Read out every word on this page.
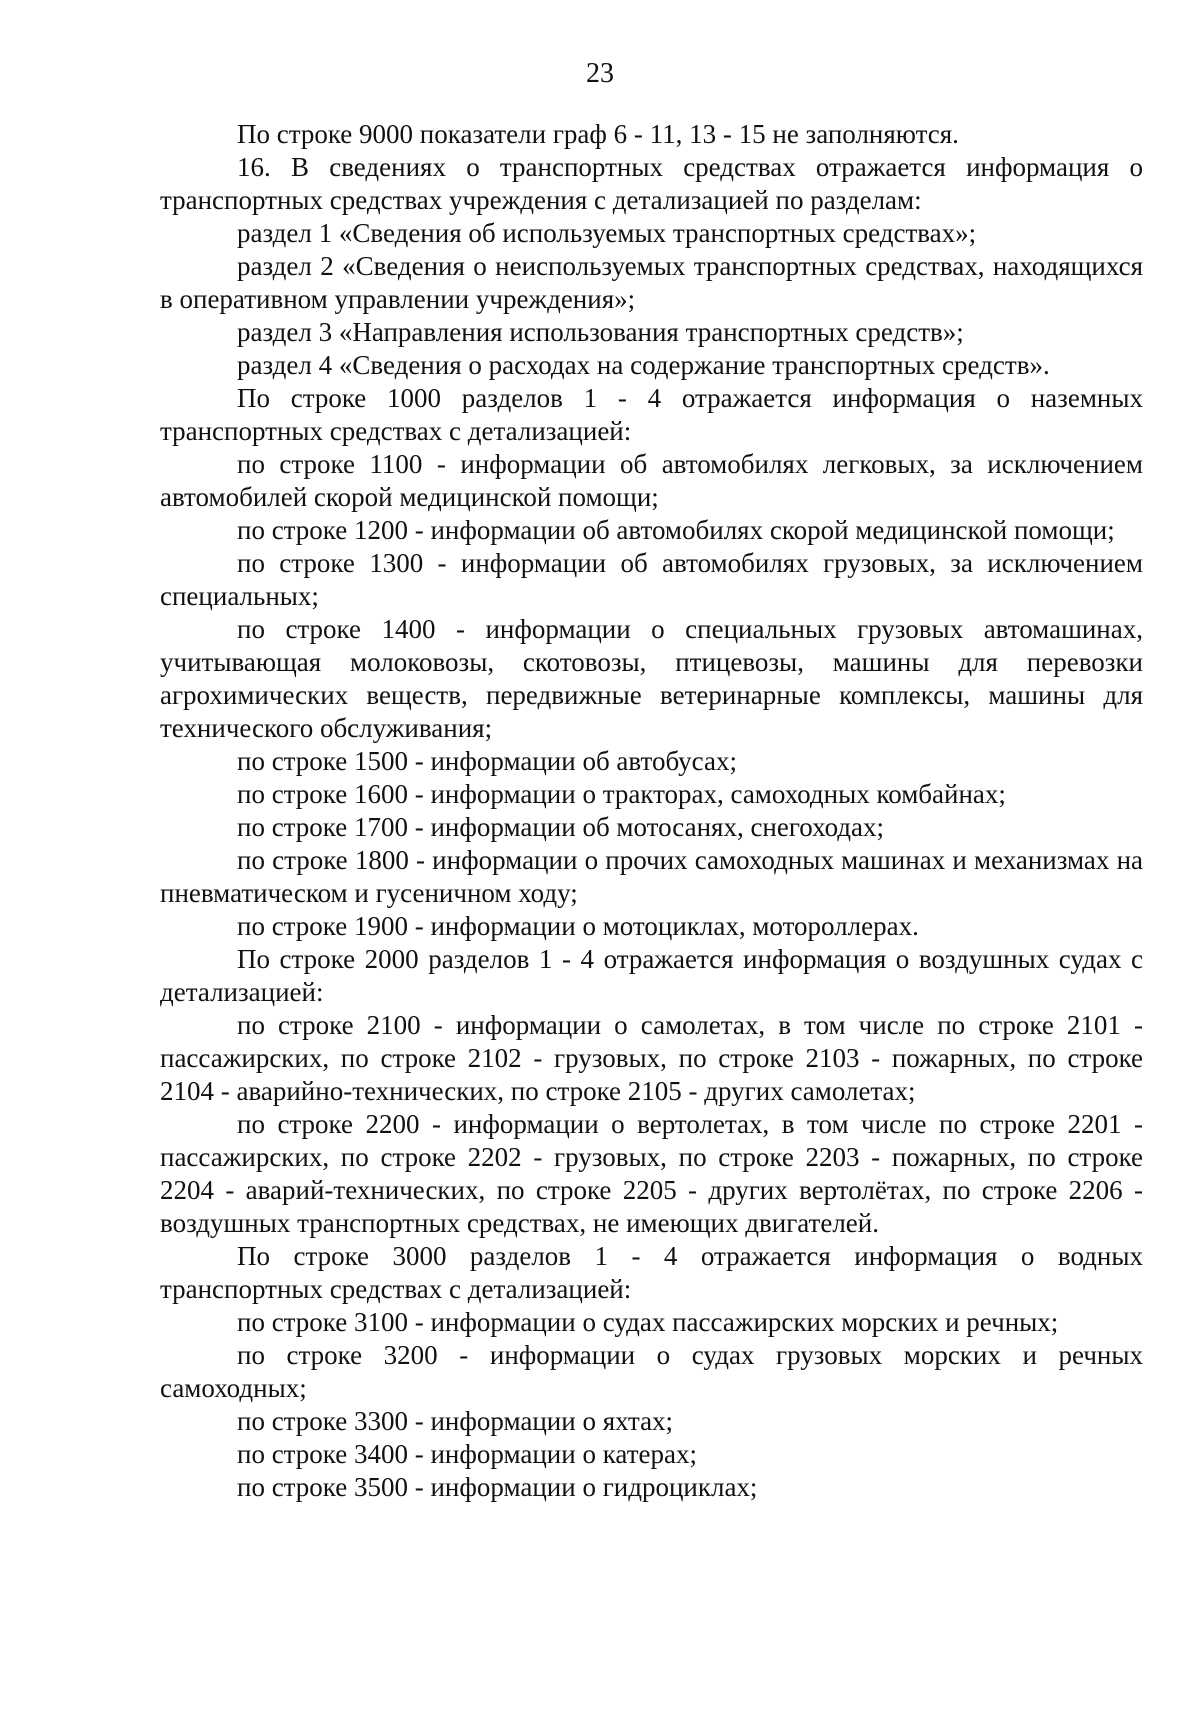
23

По строке 9000 показатели граф 6 - 11, 13 - 15 не заполняются.

16. В сведениях о транспортных средствах отражается информация о транспортных средствах учреждения с детализацией по разделам:

раздел 1 «Сведения об используемых транспортных средствах»;

раздел 2 «Сведения о неиспользуемых транспортных средствах, находящихся в оперативном управлении учреждения»;

раздел 3 «Направления использования транспортных средств»;

раздел 4 «Сведения о расходах на содержание транспортных средств».

По строке 1000 разделов 1 - 4 отражается информация о наземных транспортных средствах с детализацией:

по строке 1100 - информации об автомобилях легковых, за исключением автомобилей скорой медицинской помощи;

по строке 1200 - информации об автомобилях скорой медицинской помощи;

по строке 1300 - информации об автомобилях грузовых, за исключением специальных;

по строке 1400 - информации о специальных грузовых автомашинах, учитывающая молоковозы, скотовозы, птицевозы, машины для перевозки агрохимических веществ, передвижные ветеринарные комплексы, машины для технического обслуживания;

по строке 1500 - информации об автобусах;

по строке 1600 - информации о тракторах, самоходных комбайнах;

по строке 1700 - информации об мотосанях, снегоходах;

по строке 1800 - информации о прочих самоходных машинах и механизмах на пневматическом и гусеничном ходу;

по строке 1900 - информации о мотоциклах, мотороллерах.

По строке 2000 разделов 1 - 4 отражается информация о воздушных судах с детализацией:

по строке 2100 - информации о самолетах, в том числе по строке 2101 - пассажирских, по строке 2102 - грузовых, по строке 2103 - пожарных, по строке 2104 - аварийно-технических, по строке 2105 - других самолетах;

по строке 2200 - информации о вертолетах, в том числе по строке 2201 - пассажирских, по строке 2202 - грузовых, по строке 2203 - пожарных, по строке 2204 - аварий-технических, по строке 2205 - других вертолётах, по строке 2206 - воздушных транспортных средствах, не имеющих двигателей.

По строке 3000 разделов 1 - 4 отражается информация о водных транспортных средствах с детализацией:

по строке 3100 - информации о судах пассажирских морских и речных;

по строке 3200 - информации о судах грузовых морских и речных самоходных;

по строке 3300 - информации о яхтах;

по строке 3400 - информации о катерах;

по строке 3500 - информации о гидроциклах;
